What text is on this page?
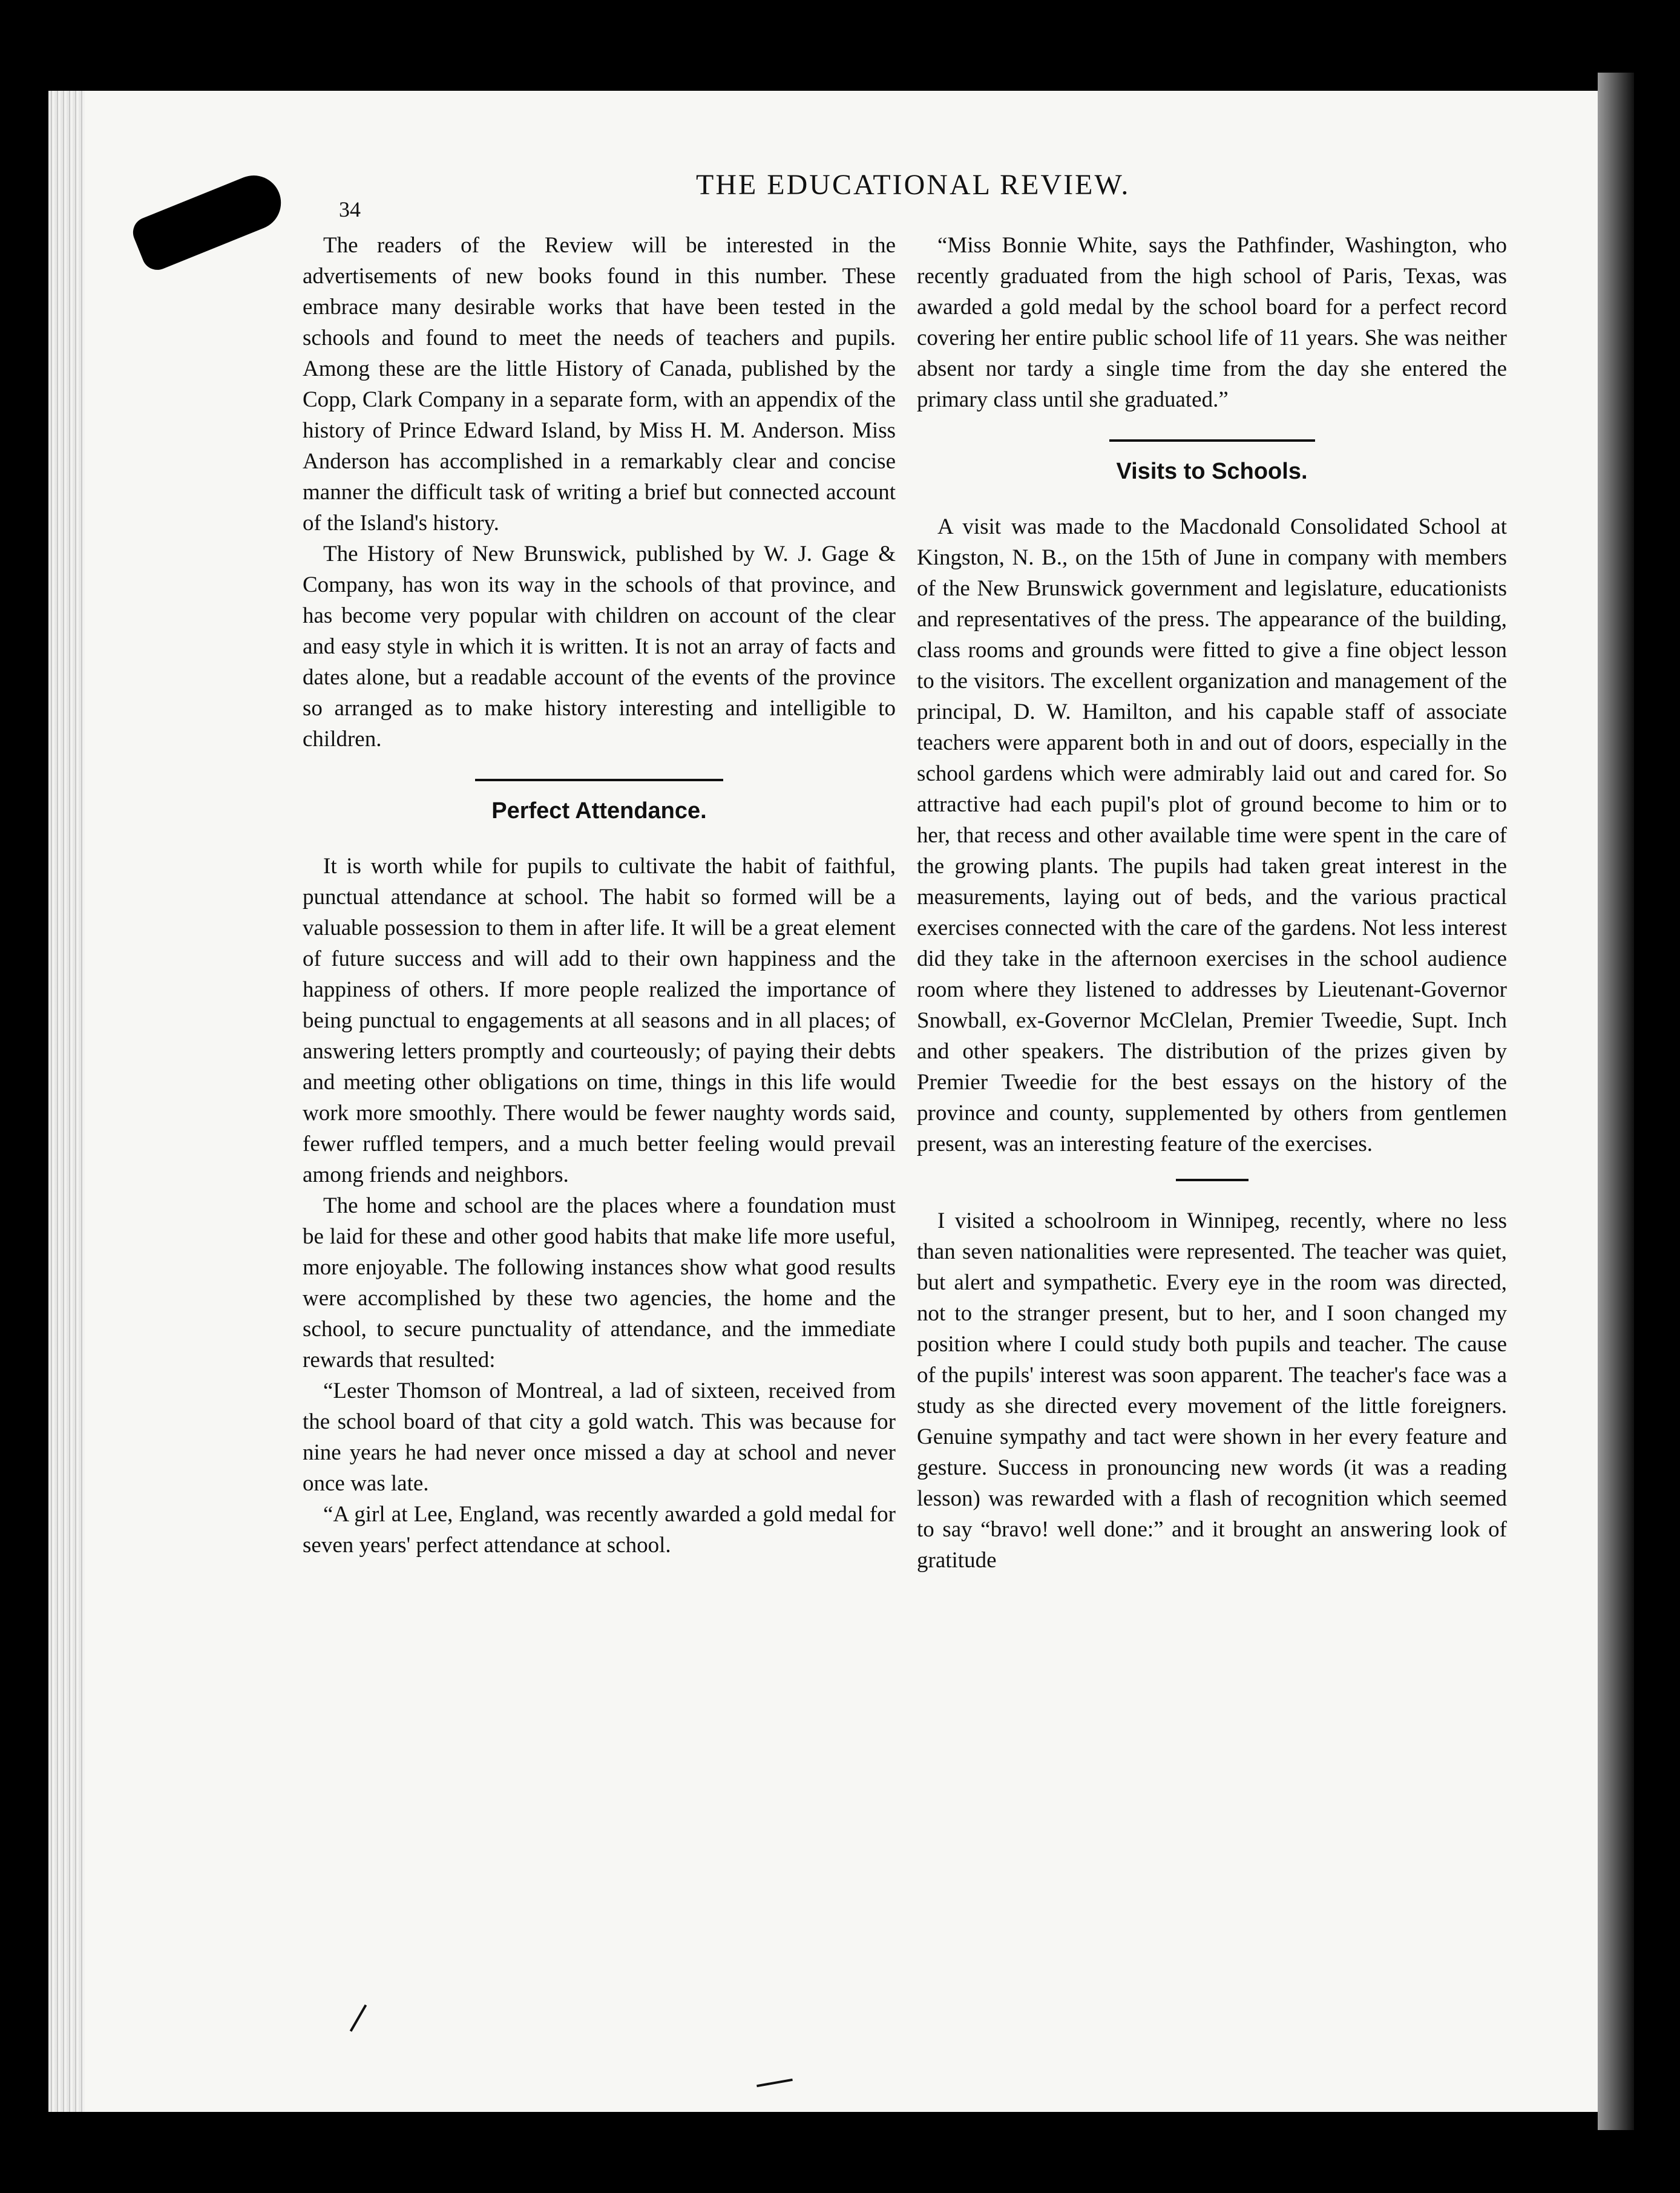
34
THE EDUCATIONAL REVIEW.

The readers of the Review will be interested in the advertisements of new books found in this number. These embrace many desirable works that have been tested in the schools and found to meet the needs of teachers and pupils. Among these are the little History of Canada, published by the Copp, Clark Company in a separate form, with an appendix of the history of Prince Edward Island, by Miss H. M. Anderson. Miss Anderson has accomplished in a remarkably clear and concise manner the difficult task of writing a brief but connected account of the Island's history.

The History of New Brunswick, published by W. J. Gage & Company, has won its way in the schools of that province, and has become very popular with children on account of the clear and easy style in which it is written. It is not an array of facts and dates alone, but a readable account of the events of the province so arranged as to make history interesting and intelligible to children.

Perfect Attendance.

It is worth while for pupils to cultivate the habit of faithful, punctual attendance at school. The habit so formed will be a valuable possession to them in after life. It will be a great element of future success and will add to their own happiness and the happiness of others. If more people realized the importance of being punctual to engagements at all seasons and in all places; of answering letters promptly and courteously; of paying their debts and meeting other obligations on time, things in this life would work more smoothly. There would be fewer naughty words said, fewer ruffled tempers, and a much better feeling would prevail among friends and neighbors.

The home and school are the places where a foundation must be laid for these and other good habits that make life more useful, more enjoyable. The following instances show what good results were accomplished by these two agencies, the home and the school, to secure punctuality of attendance, and the immediate rewards that resulted:

“Lester Thomson of Montreal, a lad of sixteen, received from the school board of that city a gold watch. This was because for nine years he had never once missed a day at school and never once was late.

“A girl at Lee, England, was recently awarded a gold medal for seven years' perfect attendance at school.

“Miss Bonnie White, says the Pathfinder, Washington, who recently graduated from the high school of Paris, Texas, was awarded a gold medal by the school board for a perfect record covering her entire public school life of 11 years. She was neither absent nor tardy a single time from the day she entered the primary class until she graduated.”

Visits to Schools.

A visit was made to the Macdonald Consolidated School at Kingston, N. B., on the 15th of June in company with members of the New Brunswick government and legislature, educationists and representatives of the press. The appearance of the building, class rooms and grounds were fitted to give a fine object lesson to the visitors. The excellent organization and management of the principal, D. W. Hamilton, and his capable staff of associate teachers were apparent both in and out of doors, especially in the school gardens which were admirably laid out and cared for. So attractive had each pupil's plot of ground become to him or to her, that recess and other available time were spent in the care of the growing plants. The pupils had taken great interest in the measurements, laying out of beds, and the various practical exercises connected with the care of the gardens. Not less interest did they take in the afternoon exercises in the school audience room where they listened to addresses by Lieutenant-Governor Snowball, ex-Governor McClelan, Premier Tweedie, Supt. Inch and other speakers. The distribution of the prizes given by Premier Tweedie for the best essays on the history of the province and county, supplemented by others from gentlemen present, was an interesting feature of the exercises.

I visited a schoolroom in Winnipeg, recently, where no less than seven nationalities were represented. The teacher was quiet, but alert and sympathetic. Every eye in the room was directed, not to the stranger present, but to her, and I soon changed my position where I could study both pupils and teacher. The cause of the pupils' interest was soon apparent. The teacher's face was a study as she directed every movement of the little foreigners. Genuine sympathy and tact were shown in her every feature and gesture. Success in pronouncing new words (it was a reading lesson) was rewarded with a flash of recognition which seemed to say “bravo! well done:” and it brought an answering look of gratitude
